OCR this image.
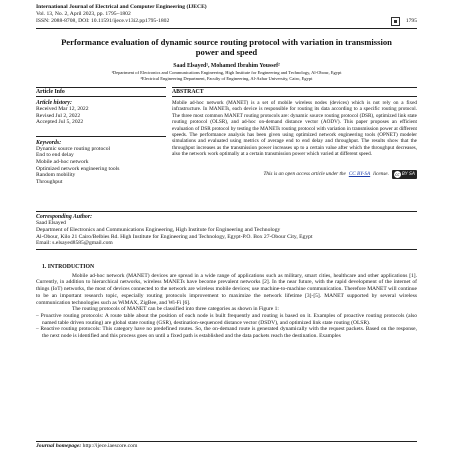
International Journal of Electrical and Computer Engineering (IJECE)
Vol. 13, No. 2, April 2023, pp. 1795~1802
ISSN: 2088-8708, DOI: 10.11591/ijece.v13i2.pp1795-1802	1795
Performance evaluation of dynamic source routing protocol with variation in transmission power and speed
Saad Elsayed¹, Mohamed Ibrahim Youssef²
¹Department of Electronics and Communications Engineering, High Institute for Engineering and Technology, Al-Obour, Egypt
²Electrical Engineering Department, Faculty of Engineering, Al-Azhar University, Cairo, Egypt
Article Info
Article history:
Received Mar 12, 2022
Revised Jul 2, 2022
Accepted Jul 5, 2022
Keywords:
Dynamic source routing protocol
End to end delay
Mobile ad-hoc network
Optimized network engineering tools
Random mobility
Throughput
ABSTRACT
Mobile ad-hoc network (MANET) is a set of mobile wireless nodes (devices) which is not rely on a fixed infrastructure. In MANETs, each device is responsible for routing its data according to a specific routing protocol. The three most common MANET routing protocols are: dynamic source routing protocol (DSR), optimized link state routing protocol (OLSR), and ad-hoc on-demand distance vector (AODV). This paper proposes an efficient evaluation of DSR protocol by testing the MANETs routing protocol with variation in transmission power at different speeds. The performance analysis has been given using optimized network engineering tools (OPNET) modeler simulations and evaluated using metrics of average end to end delay and throughput. The results show that the throughput increases as the transmission power increases up to a certain value after which the throughput decreases, also the network work optimally at a certain transmission power which varied at different speed.
This is an open access article under the CC BY-SA license.	cc BY SA
Corresponding Author:
Saad Elsayed
Department of Electronics and Communications Engineering, High Institute for Engineering and Technology
Al-Obour, Kilo 21 Cairo/Belbies Rd. High Institute for Engineering and Technology, Egypt-P.O. Box 27-Obour City, Egypt
Email: s.elsayed8585@gmail.com
1. INTRODUCTION
Mobile ad-hoc network (MANET) devices are spread in a wide range of applications such as military, smart cities, healthcare and other applications [1]. Currently, in addition to hierarchical networks, wireless MANETs have become prevalent networks [2]. In the near future, with the rapid development of the internet of things (IoT) networks, the most of devices connected to the network are wireless mobile devices; use machine-to-machine communication. Therefore MANET will continue to be an important research topic, especially routing protocols improvement to maximize the network lifetime [3]-[5]. MANET supported by several wireless communication technologies such as WiMAX, ZigBee, and Wi-Fi [6].
The routing protocols of MANET can be classified into three categories as shown in Figure 1:
– Proactive routing protocols: A route table about the position of each node is built frequently and routing is based on it. Examples of proactive routing protocols (also named table driven routing) are global state routing (GSR), destination-sequenced distance vector (DSDV), and optimized link state routing (OLSR).
– Reactive routing protocols: This category have no predefined routes. So, the on-demand route is generated dynamically with the request packets. Based on the response, the next node is identified and this process goes on until a fixed path is established and the data packets reach the destination. Examples
Journal homepage: http://ijece.iaescore.com
